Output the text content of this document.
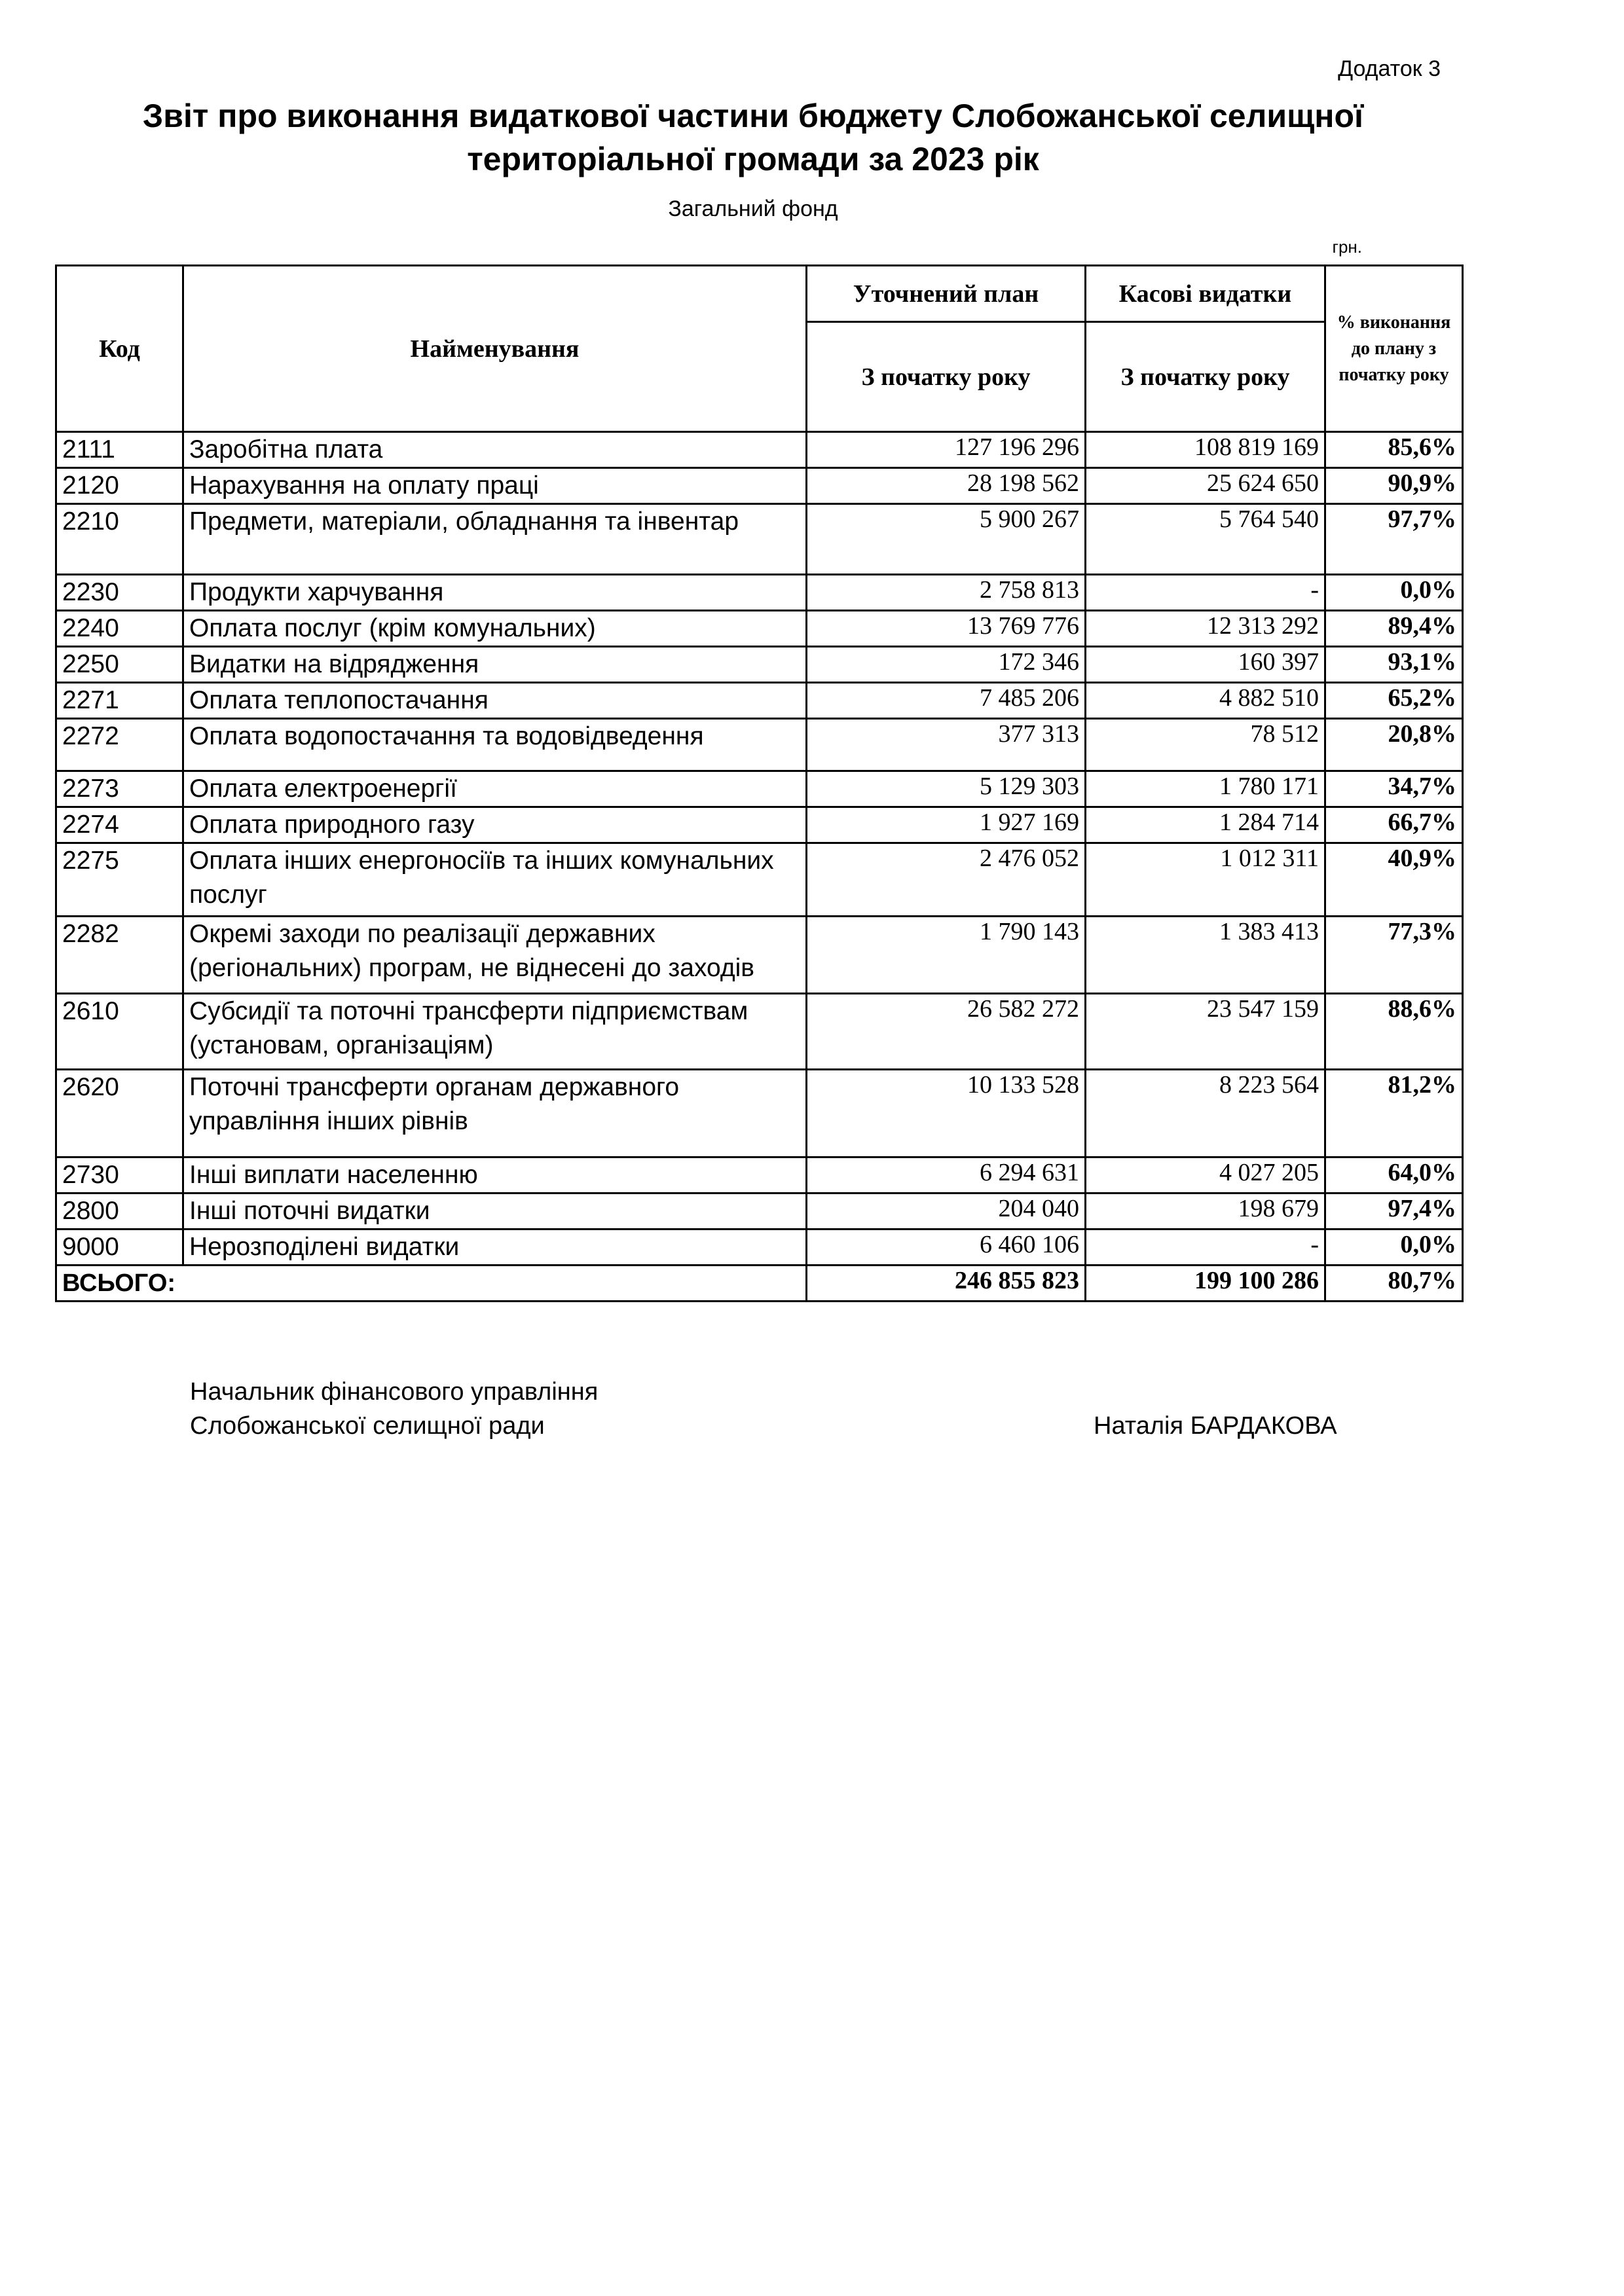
Додаток 3
Звіт про виконання видаткової частини бюджету Слобожанської селищної
територіальної громади за 2023 рік
Загальний фонд
грн.
Код	Найменування	Уточнений план	Касові видатки	% виконання до плану з початку року
		З початку року	З початку року	
2111	Заробітна плата	127 196 296	108 819 169	85,6%
2120	Нарахування на оплату праці	28 198 562	25 624 650	90,9%
2210	Предмети, матеріали, обладнання та інвентар	5 900 267	5 764 540	97,7%
2230	Продукти харчування	2 758 813	-	0,0%
2240	Оплата послуг (крім комунальних)	13 769 776	12 313 292	89,4%
2250	Видатки на відрядження	172 346	160 397	93,1%
2271	Оплата теплопостачання	7 485 206	4 882 510	65,2%
2272	Оплата водопостачання та водовідведення	377 313	78 512	20,8%
2273	Оплата електроенергії	5 129 303	1 780 171	34,7%
2274	Оплата природного газу	1 927 169	1 284 714	66,7%
2275	Оплата інших енергоносіїв та інших комунальних послуг	2 476 052	1 012 311	40,9%
2282	Окремі заходи по реалізації державних (регіональних) програм, не віднесені до заходів	1 790 143	1 383 413	77,3%
2610	Субсидії та поточні трансферти підприємствам (установам, організаціям)	26 582 272	23 547 159	88,6%
2620	Поточні трансферти органам державного управління інших рівнів	10 133 528	8 223 564	81,2%
2730	Інші виплати населенню	6 294 631	4 027 205	64,0%
2800	Інші поточні видатки	204 040	198 679	97,4%
9000	Нерозподілені видатки	6 460 106	-	0,0%
ВСЬОГО:		246 855 823	199 100 286	80,7%
Начальник фінансового управління
Слобожанської селищної ради	Наталія БАРДАКОВА
